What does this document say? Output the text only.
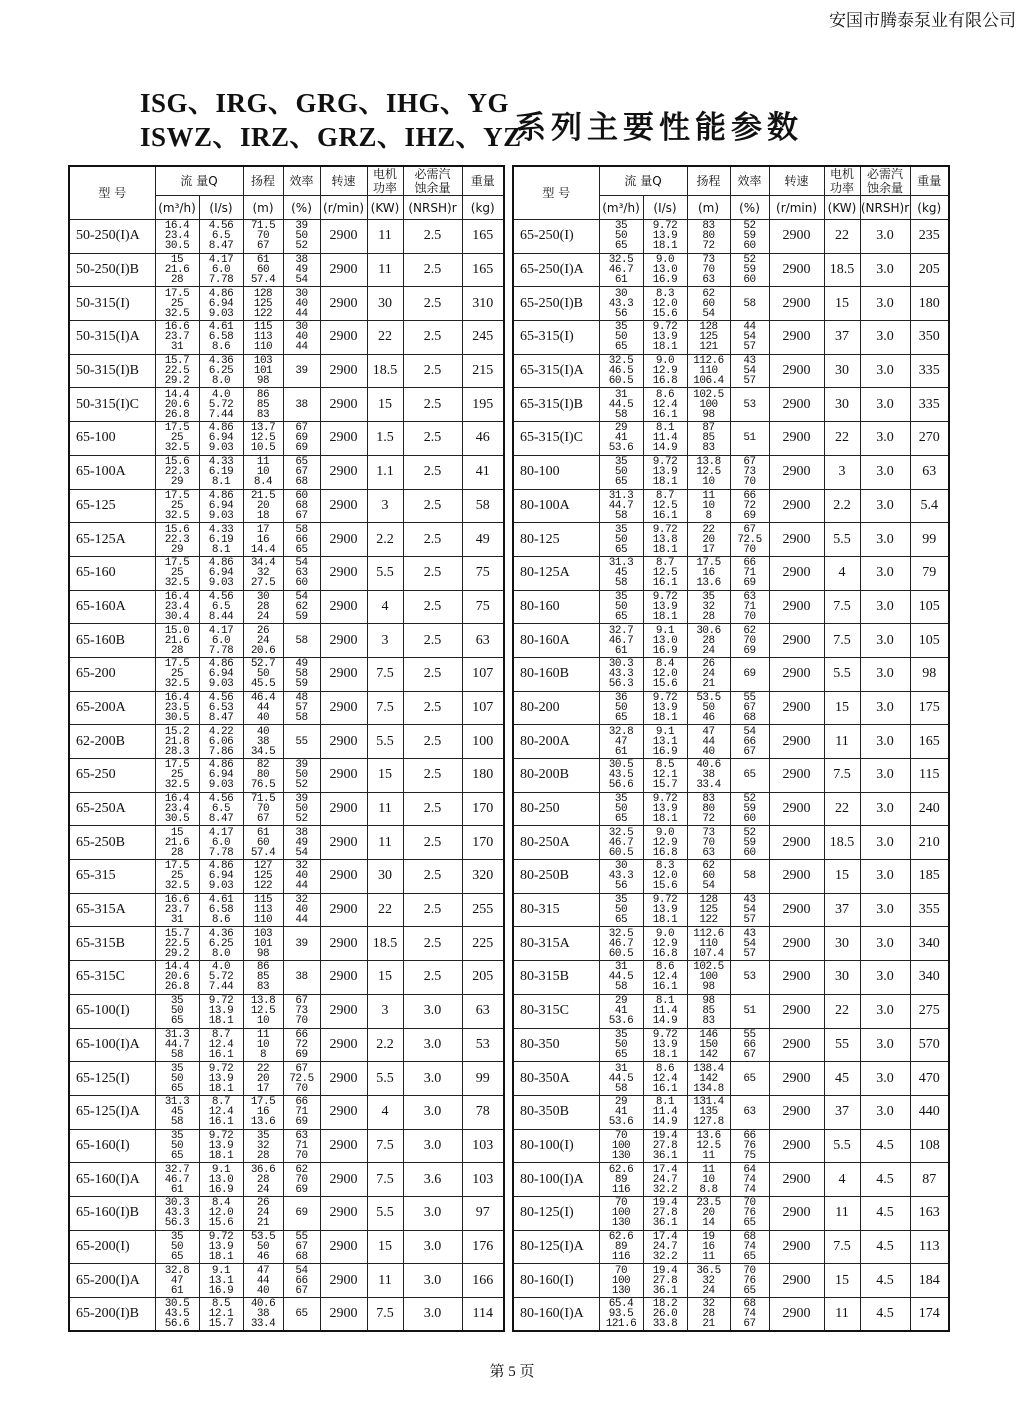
安国市腾泰泵业有限公司
ISG、IRG、GRG、IHG、YG
ISWZ、IRZ、GRZ、IHZ、YZ
系列主要性能参数
型 号	流 量Q		扬程	效率	转速	电机
功率	必需汽
蚀余量	重量
	(m³/h)	(I/s)	(m)	(%)	(r/min)	(KW)	(NRSH)r	(kg)
50-250(I)A	16.4
23.4
30.5	4.56
6.5
8.47	71.5
70
67	39
50
52	2900	11	2.5	165
50-250(I)B	15
21.6
28	4.17
6.0
7.78	61
60
57.4	38
49
54	2900	11	2.5	165
50-315(I)	17.5
25
32.5	4.86
6.94
9.03	128
125
122	30
40
44	2900	30	2.5	310
50-315(I)A	16.6
23.7
31	4.61
6.58
8.6	115
113
110	30
40
44	2900	22	2.5	245
50-315(I)B	15.7
22.5
29.2	4.36
6.25
8.0	103
101
98	39	2900	18.5	2.5	215
50-315(I)C	14.4
20.6
26.8	4.0
5.72
7.44	86
85
83	38	2900	15	2.5	195
65-100	17.5
25
32.5	4.86
6.94
9.03	13.7
12.5
10.5	67
69
69	2900	1.5	2.5	46
65-100A	15.6
22.3
29	4.33
6.19
8.1	11
10
8.4	65
67
68	2900	1.1	2.5	41
65-125	17.5
25
32.5	4.86
6.94
9.03	21.5
20
18	60
68
67	2900	3	2.5	58
65-125A	15.6
22.3
29	4.33
6.19
8.1	17
16
14.4	58
66
65	2900	2.2	2.5	49
65-160	17.5
25
32.5	4.86
6.94
9.03	34.4
32
27.5	54
63
60	2900	5.5	2.5	75
65-160A	16.4
23.4
30.4	4.56
6.5
8.44	30
28
24	54
62
59	2900	4	2.5	75
65-160B	15.0
21.6
28	4.17
6.0
7.78	26
24
20.6	58	2900	3	2.5	63
65-200	17.5
25
32.5	4.86
6.94
9.03	52.7
50
45.5	49
58
59	2900	7.5	2.5	107
65-200A	16.4
23.5
30.5	4.56
6.53
8.47	46.4
44
40	48
57
58	2900	7.5	2.5	107
62-200B	15.2
21.8
28.3	4.22
6.06
7.86	40
38
34.5	55	2900	5.5	2.5	100
65-250	17.5
25
32.5	4.86
6.94
9.03	82
80
76.5	39
50
52	2900	15	2.5	180
65-250A	16.4
23.4
30.5	4.56
6.5
8.47	71.5
70
67	39
50
52	2900	11	2.5	170
65-250B	15
21.6
28	4.17
6.0
7.78	61
60
57.4	38
49
54	2900	11	2.5	170
65-315	17.5
25
32.5	4.86
6.94
9.03	127
125
122	32
40
44	2900	30	2.5	320
65-315A	16.6
23.7
31	4.61
6.58
8.6	115
113
110	32
40
44	2900	22	2.5	255
65-315B	15.7
22.5
29.2	4.36
6.25
8.0	103
101
98	39	2900	18.5	2.5	225
65-315C	14.4
20.6
26.8	4.0
5.72
7.44	86
85
83	38	2900	15	2.5	205
65-100(I)	35
50
65	9.72
13.9
18.1	13.8
12.5
10	67
73
70	2900	3	3.0	63
65-100(I)A	31.3
44.7
58	8.7
12.4
16.1	11
10
8	66
72
69	2900	2.2	3.0	53
65-125(I)	35
50
65	9.72
13.9
18.1	22
20
17	67
72.5
70	2900	5.5	3.0	99
65-125(I)A	31.3
45
58	8.7
12.4
16.1	17.5
16
13.6	66
71
69	2900	4	3.0	78
65-160(I)	35
50
65	9.72
13.9
18.1	35
32
28	63
71
70	2900	7.5	3.0	103
65-160(I)A	32.7
46.7
61	9.1
13.0
16.9	36.6
28
24	62
70
69	2900	7.5	3.6	103
65-160(I)B	30.3
43.3
56.3	8.4
12.0
15.6	26
24
21	69	2900	5.5	3.0	97
65-200(I)	35
50
65	9.72
13.9
18.1	53.5
50
46	55
67
68	2900	15	3.0	176
65-200(I)A	32.8
47
61	9.1
13.1
16.9	47
44
40	54
66
67	2900	11	3.0	166
65-200(I)B	30.5
43.5
56.6	8.5
12.1
15.7	40.6
38
33.4	65	2900	7.5	3.0	114
型 号	流 量Q		扬程	效率	转速	电机
功率	必需汽
蚀余量	重量
	(m³/h)	(I/s)	(m)	(%)	(r/min)	(KW)	(NRSH)r	(kg)
65-250(I)	35
50
65	9.72
13.9
18.1	83
80
72	52
59
60	2900	22	3.0	235
65-250(I)A	32.5
46.7
61	9.0
13.0
16.9	73
70
63	52
59
60	2900	18.5	3.0	205
65-250(I)B	30
43.3
56	8.3
12.0
15.6	62
60
54	58	2900	15	3.0	180
65-315(I)	35
50
65	9.72
13.9
18.1	128
125
121	44
54
57	2900	37	3.0	350
65-315(I)A	32.5
46.5
60.5	9.0
12.9
16.8	112.6
110
106.4	43
54
57	2900	30	3.0	335
65-315(I)B	31
44.5
58	8.6
12.4
16.1	102.5
100
98	53	2900	30	3.0	335
65-315(I)C	29
41
53.6	8.1
11.4
14.9	87
85
83	51	2900	22	3.0	270
80-100	35
50
65	9.72
13.9
18.1	13.8
12.5
10	67
73
70	2900	3	3.0	63
80-100A	31.3
44.7
58	8.7
12.5
16.1	11
10
8	66
72
69	2900	2.2	3.0	5.4
80-125	35
50
65	9.72
13.8
18.1	22
20
17	67
72.5
70	2900	5.5	3.0	99
80-125A	31.3
45
58	8.7
12.5
16.1	17.5
16
13.6	66
71
69	2900	4	3.0	79
80-160	35
50
65	9.72
13.9
18.1	35
32
28	63
71
70	2900	7.5	3.0	105
80-160A	32.7
46.7
61	9.1
13.0
16.9	30.6
28
24	62
70
69	2900	7.5	3.0	105
80-160B	30.3
43.3
56.3	8.4
12.0
15.6	26
24
21	69	2900	5.5	3.0	98
80-200	36
50
65	9.72
13.9
18.1	53.5
50
46	55
67
68	2900	15	3.0	175
80-200A	32.8
47
61	9.1
13.1
16.9	47
44
40	54
66
67	2900	11	3.0	165
80-200B	30.5
43.5
56.6	8.5
12.1
15.7	40.6
38
33.4	65	2900	7.5	3.0	115
80-250	35
50
65	9.72
13.9
18.1	83
80
72	52
59
60	2900	22	3.0	240
80-250A	32.5
46.7
60.5	9.0
12.9
16.8	73
70
63	52
59
60	2900	18.5	3.0	210
80-250B	30
43.3
56	8.3
12.0
15.6	62
60
54	58	2900	15	3.0	185
80-315	35
50
65	9.72
13.9
18.1	128
125
122	43
54
57	2900	37	3.0	355
80-315A	32.5
46.7
60.5	9.0
12.9
16.8	112.6
110
107.4	43
54
57	2900	30	3.0	340
80-315B	31
44.5
58	8.6
12.4
16.1	102.5
100
98	53	2900	30	3.0	340
80-315C	29
41
53.6	8.1
11.4
14.9	98
85
83	51	2900	22	3.0	275
80-350	35
50
65	9.72
13.9
18.1	146
150
142	55
66
67	2900	55	3.0	570
80-350A	31
44.5
58	8.6
12.4
16.1	138.4
142
134.8	65	2900	45	3.0	470
80-350B	29
41
53.6	8.1
11.4
14.9	131.4
135
127.8	63	2900	37	3.0	440
80-100(I)	70
100
130	19.4
27.8
36.1	13.6
12.5
11	66
76
75	2900	5.5	4.5	108
80-100(I)A	62.6
89
116	17.4
24.7
32.2	11
10
8.8	64
74
74	2900	4	4.5	87
80-125(I)	70
100
130	19.4
27.8
36.1	23.5
20
14	70
76
65	2900	11	4.5	163
80-125(I)A	62.6
89
116	17.4
24.7
32.2	19
16
11	68
74
65	2900	7.5	4.5	113
80-160(I)	70
100
130	19.4
27.8
36.1	36.5
32
24	70
76
65	2900	15	4.5	184
80-160(I)A	65.4
93.5
121.6	18.2
26.0
33.8	32
28
21	68
74
67	2900	11	4.5	174
第 5 页
